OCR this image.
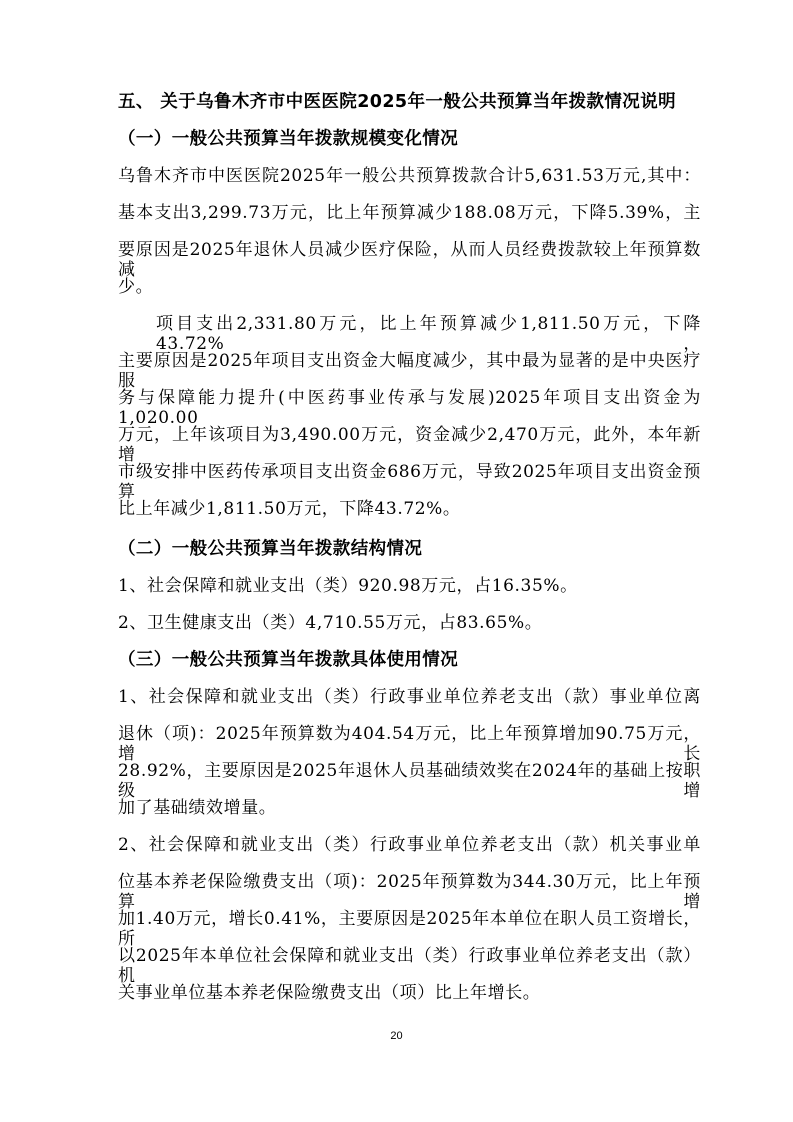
五、 关于乌鲁木齐市中医医院2025年一般公共预算当年拨款情况说明
（一）一般公共预算当年拨款规模变化情况
乌鲁木齐市中医医院2025年一般公共预算拨款合计5,631.53万元,其中：
基本支出3,299.73万元，比上年预算减少188.08万元，下降5.39%，主
要原因是2025年退休人员减少医疗保险，从而人员经费拨款较上年预算数减
少。
项目支出2,331.80万元，比上年预算减少1,811.50万元，下降43.72%，
主要原因是2025年项目支出资金大幅度减少，其中最为显著的是中央医疗服
务与保障能力提升(中医药事业传承与发展)2025年项目支出资金为1,020.00
万元，上年该项目为3,490.00万元，资金减少2,470万元，此外，本年新增
市级安排中医药传承项目支出资金686万元，导致2025年项目支出资金预算
比上年减少1,811.50万元，下降43.72%。
（二）一般公共预算当年拨款结构情况
1、社会保障和就业支出（类）920.98万元，占16.35%。
2、卫生健康支出（类）4,710.55万元，占83.65%。
（三）一般公共预算当年拨款具体使用情况
1、社会保障和就业支出（类）行政事业单位养老支出（款）事业单位离
退休（项)：2025年预算数为404.54万元，比上年预算增加90.75万元，增长
28.92%，主要原因是2025年退休人员基础绩效奖在2024年的基础上按职级增
加了基础绩效增量。
2、社会保障和就业支出（类）行政事业单位养老支出（款）机关事业单
位基本养老保险缴费支出（项)：2025年预算数为344.30万元，比上年预算增
加1.40万元，增长0.41%，主要原因是2025年本单位在职人员工资增长，所
以2025年本单位社会保障和就业支出（类）行政事业单位养老支出（款）机
关事业单位基本养老保险缴费支出（项）比上年增长。
20
